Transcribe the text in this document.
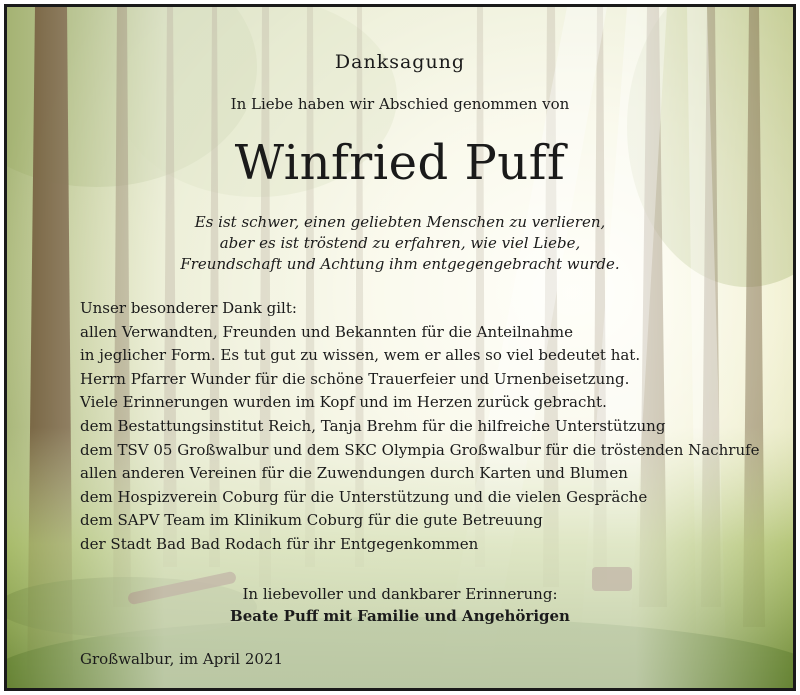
Danksagung
In Liebe haben wir Abschied genommen von
Winfried Puff
Es ist schwer, einen geliebten Menschen zu verlieren,
aber es ist tröstend zu erfahren, wie viel Liebe,
Freundschaft und Achtung ihm entgegengebracht wurde.
Unser besonderer Dank gilt:
allen Verwandten, Freunden und Bekannten für die Anteilnahme
in jeglicher Form. Es tut gut zu wissen, wem er alles so viel bedeutet hat.
Herrn Pfarrer Wunder für die schöne Trauerfeier und Urnenbeisetzung.
Viele Erinnerungen wurden im Kopf und im Herzen zurück gebracht.
dem Bestattungsinstitut Reich, Tanja Brehm für die hilfreiche Unterstützung
dem TSV 05 Großwalbur und dem SKC Olympia Großwalbur für die tröstenden Nachrufe
allen anderen Vereinen für die Zuwendungen durch Karten und Blumen
dem Hospizverein Coburg für die Unterstützung und die vielen Gespräche
dem SAPV Team im Klinikum Coburg für die gute Betreuung
der Stadt Bad Bad Rodach für ihr Entgegenkommen
In liebevoller und dankbarer Erinnerung:
Beate Puff mit Familie und Angehörigen
Großwalbur, im April 2021
